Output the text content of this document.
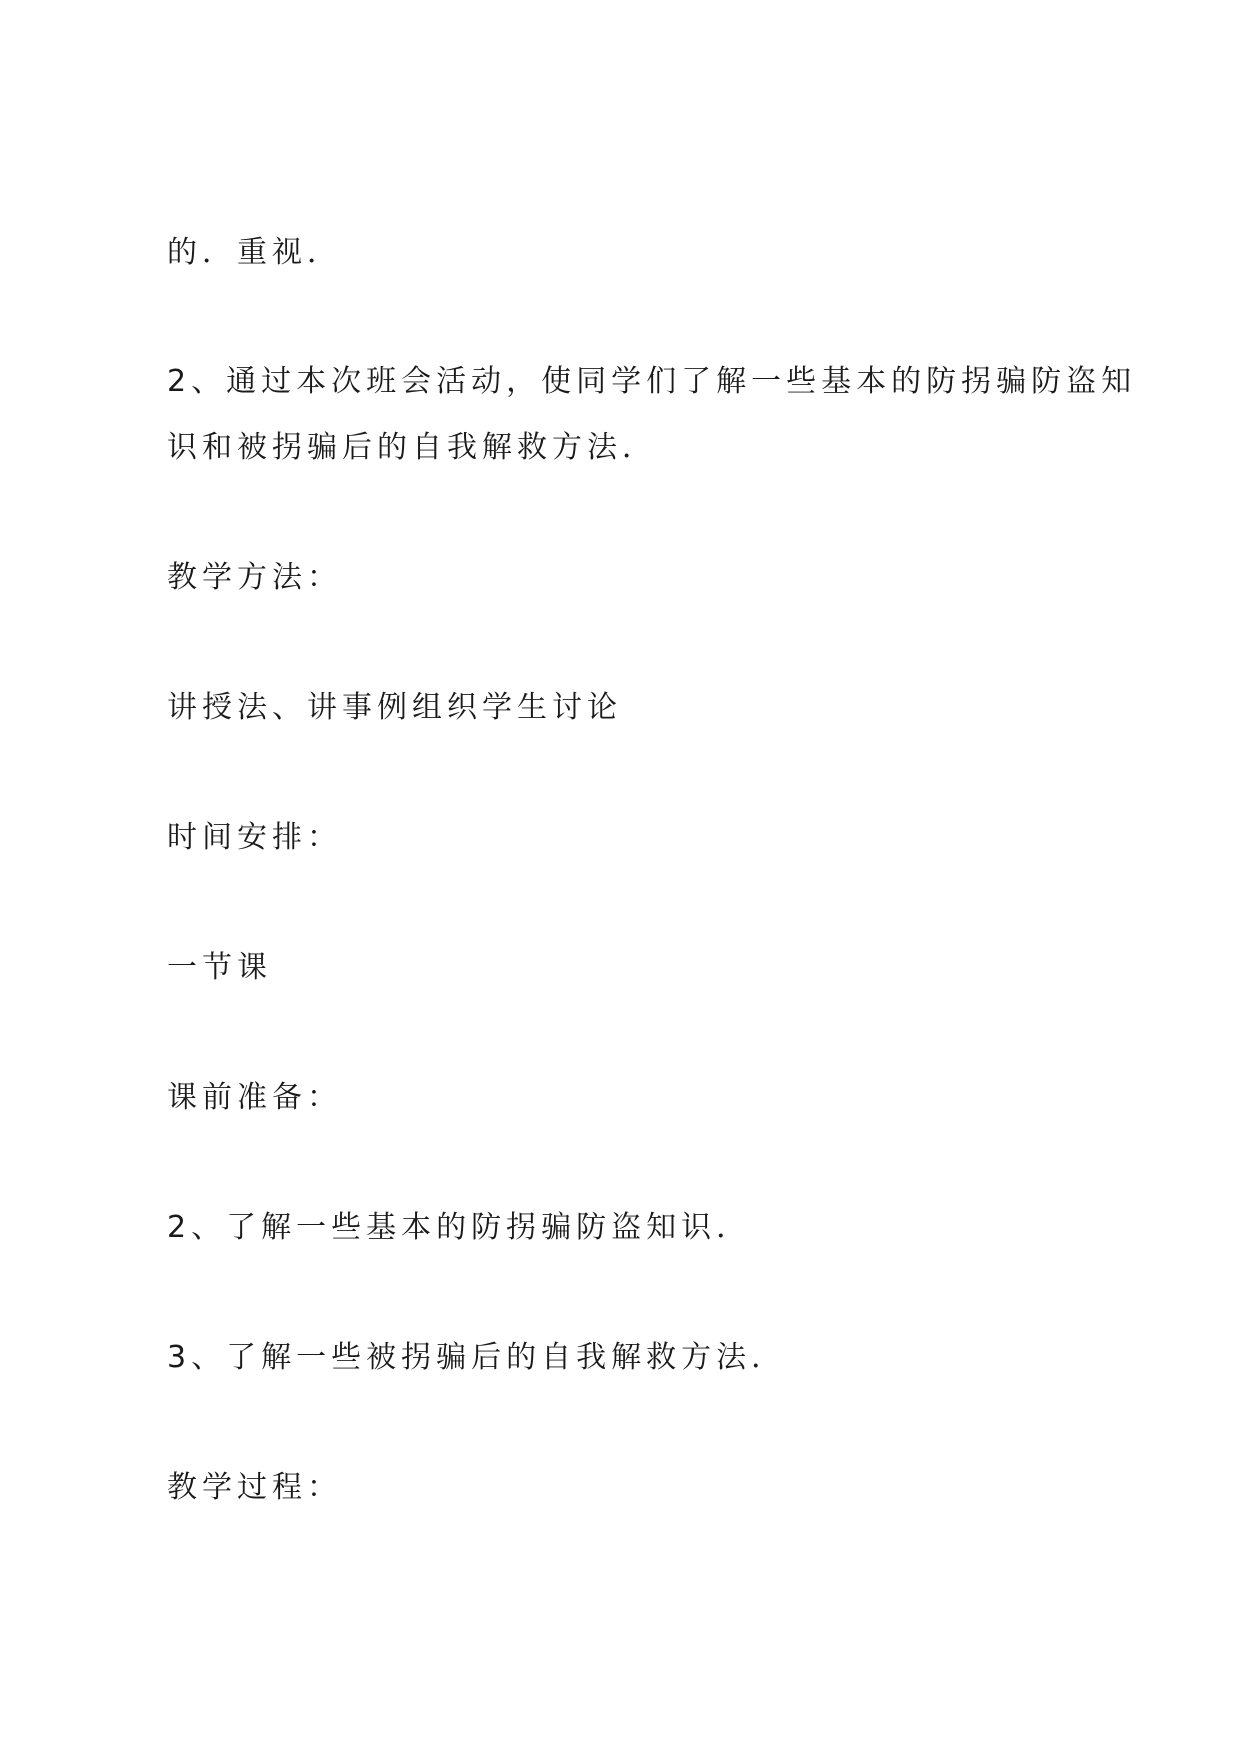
的．重视．
2、通过本次班会活动，使同学们了解一些基本的防拐骗防盗知
识和被拐骗后的自我解救方法．
教学方法：
讲授法、讲事例组织学生讨论
时间安排：
一节课
课前准备：
2、了解一些基本的防拐骗防盗知识．
3、了解一些被拐骗后的自我解救方法．
教学过程：
